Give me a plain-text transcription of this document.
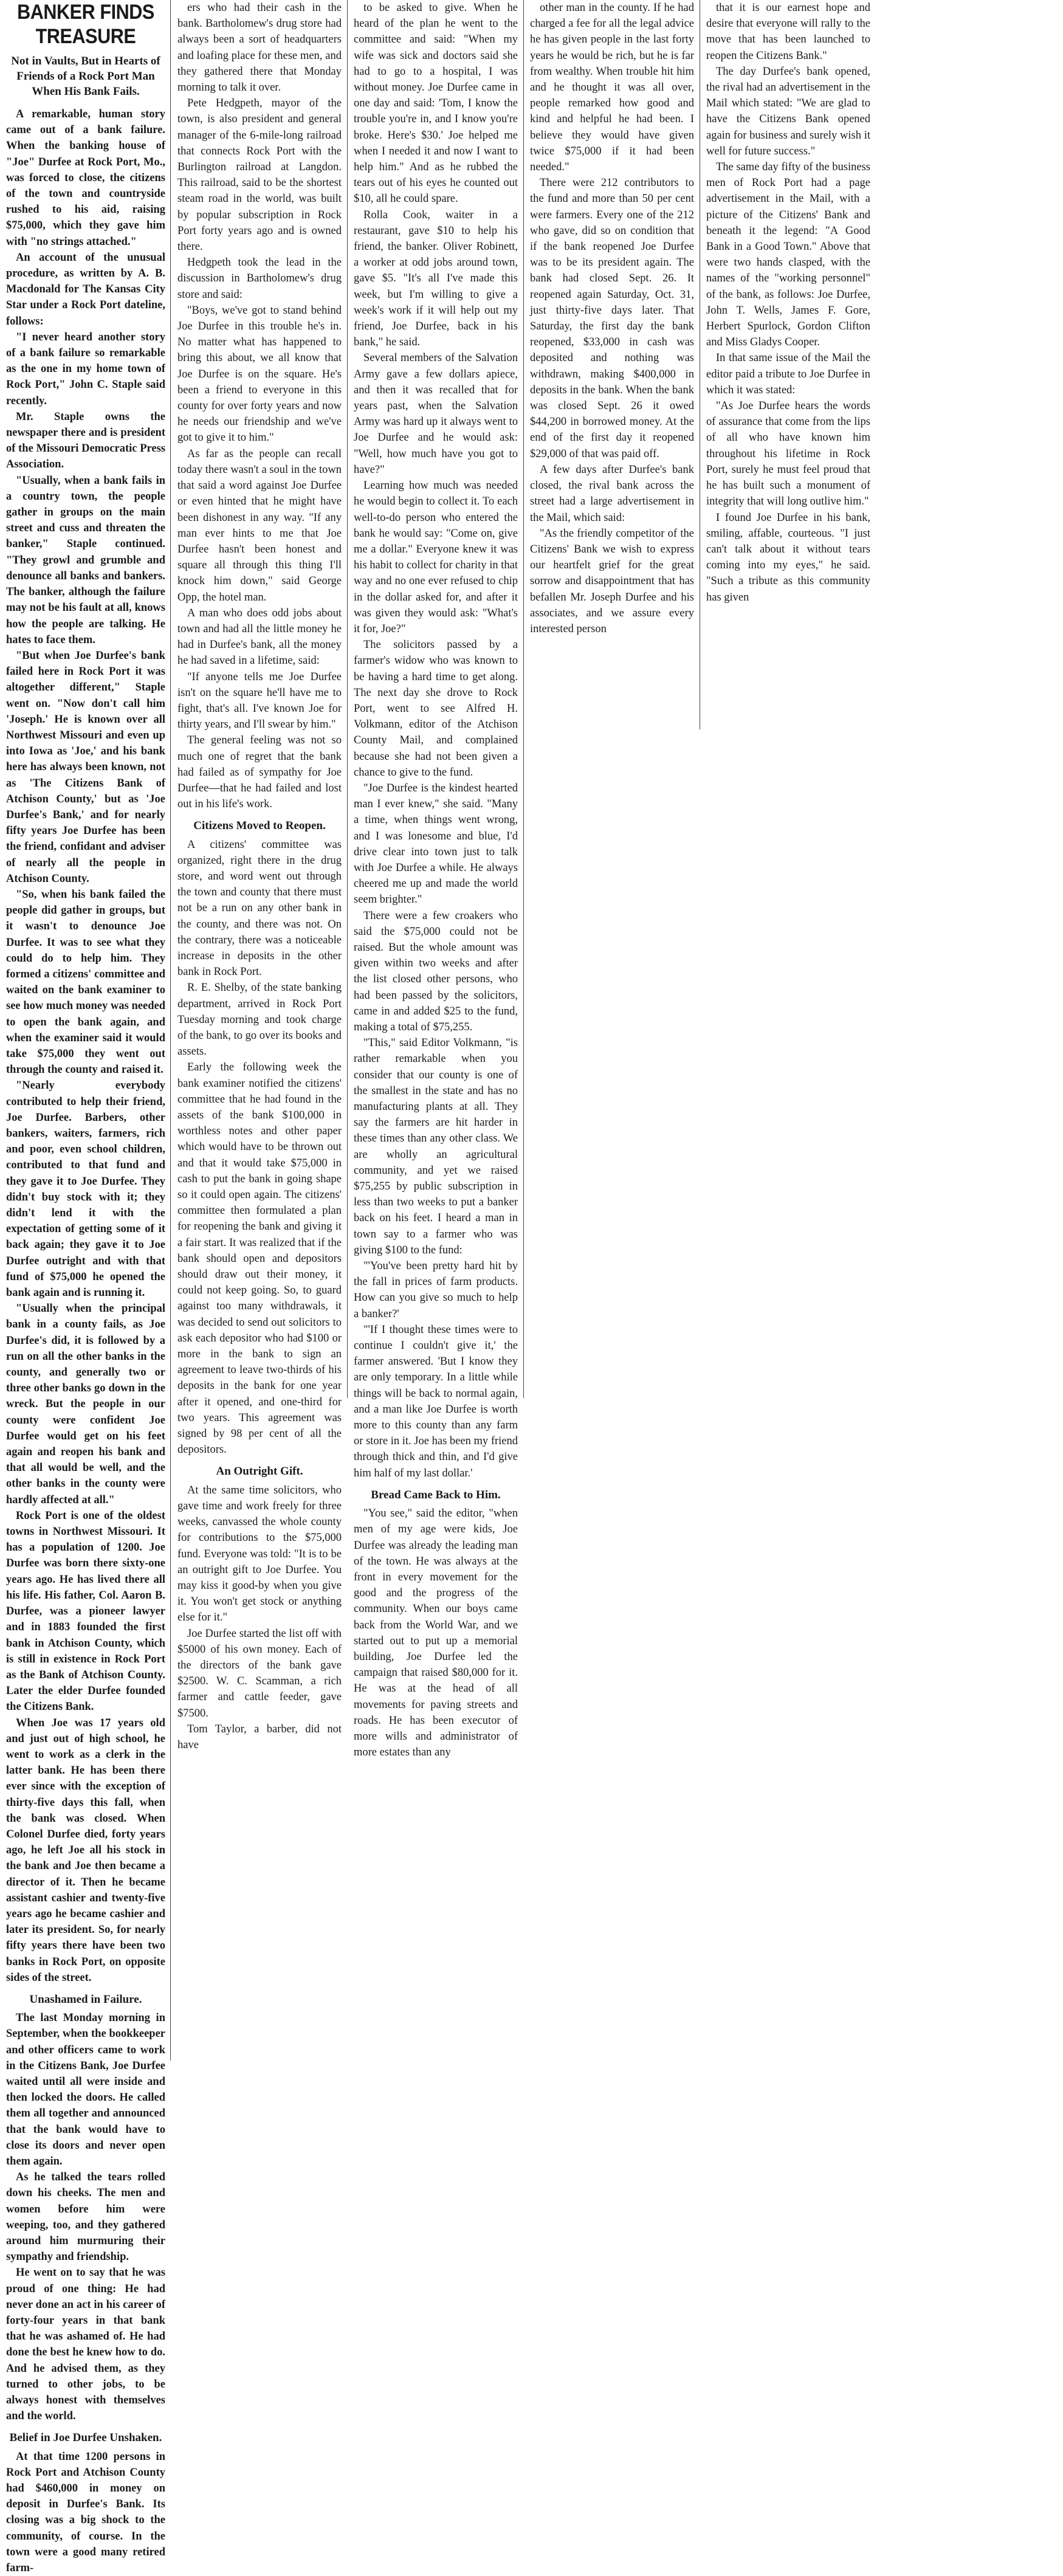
BANKER FINDS TREASURE
Not in Vaults, But in Hearts of Friends of a Rock Port Man When His Bank Fails.

A remarkable, human story came out of a bank failure. When the banking house of "Joe" Durfee at Rock Port, Mo., was forced to close, the citizens of the town and countryside rushed to his aid, raising $75,000, which they gave him with "no strings attached."

An account of the unusual procedure, as written by A. B. Macdonald for The Kansas City Star under a Rock Port dateline, follows:

"I never heard another story of a bank failure so remarkable as the one in my home town of Rock Port," John C. Staple said recently.

Mr. Staple owns the newspaper there and is president of the Missouri Democratic Press Association.

"Usually, when a bank fails in a country town, the people gather in groups on the main street and cuss and threaten the banker," Staple continued. "They growl and grumble and denounce all banks and bankers. The banker, although the failure may not be his fault at all, knows how the people are talking. He hates to face them.

"But when Joe Durfee's bank failed here in Rock Port it was altogether different," Staple went on. "Now don't call him 'Joseph.' He is known over all Northwest Missouri and even up into Iowa as 'Joe,' and his bank here has always been known, not as 'The Citizens Bank of Atchison County,' but as 'Joe Durfee's Bank,' and for nearly fifty years Joe Durfee has been the friend, confidant and adviser of nearly all the people in Atchison County.

"So, when his bank failed the people did gather in groups, but it wasn't to denounce Joe Durfee. It was to see what they could do to help him. They formed a citizens' committee and waited on the bank examiner to see how much money was needed to open the bank again, and when the examiner said it would take $75,000 they went out through the county and raised it.

"Nearly everybody contributed to help their friend, Joe Durfee. Barbers, other bankers, waiters, farmers, rich and poor, even school children, contributed to that fund and they gave it to Joe Durfee. They didn't buy stock with it; they didn't lend it with the expectation of getting some of it back again; they gave it to Joe Durfee outright and with that fund of $75,000 he opened the bank again and is running it.

"Usually when the principal bank in a county fails, as Joe Durfee's did, it is followed by a run on all the other banks in the county, and generally two or three other banks go down in the wreck. But the people in our county were confident Joe Durfee would get on his feet again and reopen his bank and that all would be well, and the other banks in the county were hardly affected at all."

Rock Port is one of the oldest towns in Northwest Missouri. It has a population of 1200. Joe Durfee was born there sixty-one years ago. He has lived there all his life. His father, Col. Aaron B. Durfee, was a pioneer lawyer and in 1883 founded the first bank in Atchison County, which is still in existence in Rock Port as the Bank of Atchison County. Later the elder Durfee founded the Citizens Bank.

When Joe was 17 years old and just out of high school, he went to work as a clerk in the latter bank. He has been there ever since with the exception of thirty-five days this fall, when the bank was closed. When Colonel Durfee died, forty years ago, he left Joe all his stock in the bank and Joe then became a director of it. Then he became assistant cashier and twenty-five years ago he became cashier and later its president. So, for nearly fifty years there have been two banks in Rock Port, on opposite sides of the street.

Unashamed in Failure.

The last Monday morning in September, when the bookkeeper and other officers came to work in the Citizens Bank, Joe Durfee waited until all were inside and then locked the doors. He called them all together and announced that the bank would have to close its doors and never open them again.

As he talked the tears rolled down his cheeks. The men and women before him were weeping, too, and they gathered around him murmuring their sympathy and friendship.

He went on to say that he was proud of one thing: He had never done an act in his career of forty-four years in that bank that he was ashamed of. He had done the best he knew how to do. And he advised them, as they turned to other jobs, to be always honest with themselves and the world.

Belief in Joe Durfee Unshaken.

At that time 1200 persons in Rock Port and Atchison County had $460,000 in money on deposit in Durfee's Bank. Its closing was a big shock to the community, of course. In the town were a good many retired farm-

ers who had their cash in the bank. Bartholomew's drug store had always been a sort of headquarters and loafing place for these men, and they gathered there that Monday morning to talk it over.

Pete Hedgpeth, mayor of the town, is also president and general manager of the 6-mile-long railroad that connects Rock Port with the Burlington railroad at Langdon. This railroad, said to be the shortest steam road in the world, was built by popular subscription in Rock Port forty years ago and is owned there.

Hedgpeth took the lead in the discussion in Bartholomew's drug store and said:

"Boys, we've got to stand behind Joe Durfee in this trouble he's in. No matter what has happened to bring this about, we all know that Joe Durfee is on the square. He's been a friend to everyone in this county for over forty years and now he needs our friendship and we've got to give it to him."

As far as the people can recall today there wasn't a soul in the town that said a word against Joe Durfee or even hinted that he might have been dishonest in any way. "If any man ever hints to me that Joe Durfee hasn't been honest and square all through this thing I'll knock him down," said George Opp, the hotel man.

A man who does odd jobs about town and had all the little money he had in Durfee's bank, all the money he had saved in a lifetime, said:

"If anyone tells me Joe Durfee isn't on the square he'll have me to fight, that's all. I've known Joe for thirty years, and I'll swear by him."

The general feeling was not so much one of regret that the bank had failed as of sympathy for Joe Durfee—that he had failed and lost out in his life's work.

Citizens Moved to Reopen.

A citizens' committee was organized, right there in the drug store, and word went out through the town and county that there must not be a run on any other bank in the county, and there was not. On the contrary, there was a noticeable increase in deposits in the other bank in Rock Port.

R. E. Shelby, of the state banking department, arrived in Rock Port Tuesday morning and took charge of the bank, to go over its books and assets.

Early the following week the bank examiner notified the citizens' committee that he had found in the assets of the bank $100,000 in worthless notes and other paper which would have to be thrown out and that it would take $75,000 in cash to put the bank in going shape so it could open again. The citizens' committee then formulated a plan for reopening the bank and giving it a fair start. It was realized that if the bank should open and depositors should draw out their money, it could not keep going. So, to guard against too many withdrawals, it was decided to send out solicitors to ask each depositor who had $100 or more in the bank to sign an agreement to leave two-thirds of his deposits in the bank for one year after it opened, and one-third for two years. This agreement was signed by 98 per cent of all the depositors.

An Outright Gift.

At the same time solicitors, who gave time and work freely for three weeks, canvassed the whole county for contributions to the $75,000 fund. Everyone was told: "It is to be an outright gift to Joe Durfee. You may kiss it good-by when you give it. You won't get stock or anything else for it."

Joe Durfee started the list off with $5000 of his own money. Each of the directors of the bank gave $2500. W. C. Scamman, a rich farmer and cattle feeder, gave $7500.

Tom Taylor, a barber, did not have

to be asked to give. When he heard of the plan he went to the committee and said: "When my wife was sick and doctors said she had to go to a hospital, I was without money. Joe Durfee came in one day and said: 'Tom, I know the trouble you're in, and I know you're broke. Here's $30.' Joe helped me when I needed it and now I want to help him." And as he rubbed the tears out of his eyes he counted out $10, all he could spare.

Rolla Cook, waiter in a restaurant, gave $10 to help his friend, the banker. Oliver Robinett, a worker at odd jobs around town, gave $5. "It's all I've made this week, but I'm willing to give a week's work if it will help out my friend, Joe Durfee, back in his bank," he said.

Several members of the Salvation Army gave a few dollars apiece, and then it was recalled that for years past, when the Salvation Army was hard up it always went to Joe Durfee and he would ask: "Well, how much have you got to have?"

Learning how much was needed he would begin to collect it. To each well-to-do person who entered the bank he would say: "Come on, give me a dollar." Everyone knew it was his habit to collect for charity in that way and no one ever refused to chip in the dollar asked for, and after it was given they would ask: "What's it for, Joe?"

The solicitors passed by a farmer's widow who was known to be having a hard time to get along. The next day she drove to Rock Port, went to see Alfred H. Volkmann, editor of the Atchison County Mail, and complained because she had not been given a chance to give to the fund.

"Joe Durfee is the kindest hearted man I ever knew," she said. "Many a time, when things went wrong, and I was lonesome and blue, I'd drive clear into town just to talk with Joe Durfee a while. He always cheered me up and made the world seem brighter."

There were a few croakers who said the $75,000 could not be raised. But the whole amount was given within two weeks and after the list closed other persons, who had been passed by the solicitors, came in and added $25 to the fund, making a total of $75,255.

"This," said Editor Volkmann, "is rather remarkable when you consider that our county is one of the smallest in the state and has no manufacturing plants at all. They say the farmers are hit harder in these times than any other class. We are wholly an agricultural community, and yet we raised $75,255 by public subscription in less than two weeks to put a banker back on his feet. I heard a man in town say to a farmer who was giving $100 to the fund:

"'You've been pretty hard hit by the fall in prices of farm products. How can you give so much to help a banker?'

"'If I thought these times were to continue I couldn't give it,' the farmer answered. 'But I know they are only temporary. In a little while things will be back to normal again, and a man like Joe Durfee is worth more to this county than any farm or store in it. Joe has been my friend through thick and thin, and I'd give him half of my last dollar.'

Bread Came Back to Him.

"You see," said the editor, "when men of my age were kids, Joe Durfee was already the leading man of the town. He was always at the front in every movement for the good and the progress of the community. When our boys came back from the World War, and we started out to put up a memorial building, Joe Durfee led the campaign that raised $80,000 for it. He was at the head of all movements for paving streets and roads. He has been executor of more wills and administrator of more estates than any

other man in the county. If he had charged a fee for all the legal advice he has given people in the last forty years he would be rich, but he is far from wealthy. When trouble hit him and he thought it was all over, people remarked how good and kind and helpful he had been. I believe they would have given twice $75,000 if it had been needed."

There were 212 contributors to the fund and more than 50 per cent were farmers. Every one of the 212 who gave, did so on condition that if the bank reopened Joe Durfee was to be its president again. The bank had closed Sept. 26. It reopened again Saturday, Oct. 31, just thirty-five days later. That Saturday, the first day the bank reopened, $33,000 in cash was deposited and nothing was withdrawn, making $400,000 in deposits in the bank. When the bank was closed Sept. 26 it owed $44,200 in borrowed money. At the end of the first day it reopened $29,000 of that was paid off.

A few days after Durfee's bank closed, the rival bank across the street had a large advertisement in the Mail, which said:

"As the friendly competitor of the Citizens' Bank we wish to express our heartfelt grief for the great sorrow and disappointment that has befallen Mr. Joseph Durfee and his associates, and we assure every interested person

that it is our earnest hope and desire that everyone will rally to the move that has been launched to reopen the Citizens Bank."

The day Durfee's bank opened, the rival had an advertisement in the Mail which stated: "We are glad to have the Citizens Bank opened again for business and surely wish it well for future success."

The same day fifty of the business men of Rock Port had a page advertisement in the Mail, with a picture of the Citizens' Bank and beneath it the legend: "A Good Bank in a Good Town." Above that were two hands clasped, with the names of the "working personnel" of the bank, as follows: Joe Durfee, John T. Wells, James F. Gore, Herbert Spurlock, Gordon Clifton and Miss Gladys Cooper.

In that same issue of the Mail the editor paid a tribute to Joe Durfee in which it was stated:

"As Joe Durfee hears the words of assurance that come from the lips of all who have known him throughout his lifetime in Rock Port, surely he must feel proud that he has built such a monument of integrity that will long outlive him."

I found Joe Durfee in his bank, smiling, affable, courteous. "I just can't talk about it without tears coming into my eyes," he said. "Such a tribute as this community has given
